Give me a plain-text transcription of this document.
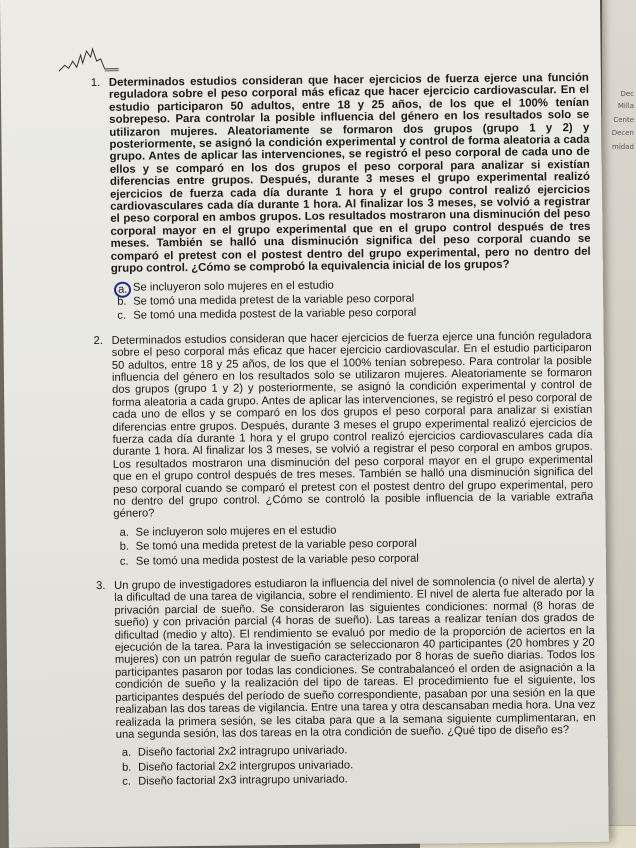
Dec
Milla
Cente
Decen
midad
1. Determinados estudios consideran que hacer ejercicios de fuerza ejerce una función reguladora sobre el peso corporal más eficaz que hacer ejercicio cardiovascular. En el estudio participaron 50 adultos, entre 18 y 25 años, de los que el 100% tenían sobrepeso. Para controlar la posible influencia del género en los resultados solo se utilizaron mujeres. Aleatoriamente se formaron dos grupos (grupo 1 y 2) y posteriormente, se asignó la condición experimental y control de forma aleatoria a cada grupo. Antes de aplicar las intervenciones, se registró el peso corporal de cada uno de ellos y se comparó en los dos grupos el peso corporal para analizar si existían diferencias entre grupos. Después, durante 3 meses el grupo experimental realizó ejercicios de fuerza cada día durante 1 hora y el grupo control realizó ejercicios cardiovasculares cada día durante 1 hora. Al finalizar los 3 meses, se volvió a registrar el peso corporal en ambos grupos. Los resultados mostraron una disminución del peso corporal mayor en el grupo experimental que en el grupo control después de tres meses. También se halló una disminución significa del peso corporal cuando se comparó el pretest con el postest dentro del grupo experimental, pero no dentro del grupo control. ¿Cómo se comprobó la equivalencia inicial de los grupos?

a. Se incluyeron solo mujeres en el estudio
b. Se tomó una medida pretest de la variable peso corporal
c. Se tomó una medida postest de la variable peso corporal
2. Determinados estudios consideran que hacer ejercicios de fuerza ejerce una función reguladora sobre el peso corporal más eficaz que hacer ejercicio cardiovascular. En el estudio participaron 50 adultos, entre 18 y 25 años, de los que el 100% tenían sobrepeso. Para controlar la posible influencia del género en los resultados solo se utilizaron mujeres. Aleatoriamente se formaron dos grupos (grupo 1 y 2) y posteriormente, se asignó la condición experimental y control de forma aleatoria a cada grupo. Antes de aplicar las intervenciones, se registró el peso corporal de cada uno de ellos y se comparó en los dos grupos el peso corporal para analizar si existían diferencias entre grupos. Después, durante 3 meses el grupo experimental realizó ejercicios de fuerza cada día durante 1 hora y el grupo control realizó ejercicios cardiovasculares cada día durante 1 hora. Al finalizar los 3 meses, se volvió a registrar el peso corporal en ambos grupos. Los resultados mostraron una disminución del peso corporal mayor en el grupo experimental que en el grupo control después de tres meses. También se halló una disminución significa del peso corporal cuando se comparó el pretest con el postest dentro del grupo experimental, pero no dentro del grupo control. ¿Cómo se controló la posible influencia de la variable extraña género?

a. Se incluyeron solo mujeres en el estudio
b. Se tomó una medida pretest de la variable peso corporal
c. Se tomó una medida postest de la variable peso corporal
3. Un grupo de investigadores estudiaron la influencia del nivel de somnolencia (o nivel de alerta) y la dificultad de una tarea de vigilancia, sobre el rendimiento. El nivel de alerta fue alterado por la privación parcial de sueño. Se consideraron las siguientes condiciones: normal (8 horas de sueño) y con privación parcial (4 horas de sueño). Las tareas a realizar tenían dos grados de dificultad (medio y alto). El rendimiento se evaluó por medio de la proporción de aciertos en la ejecución de la tarea. Para la investigación se seleccionaron 40 participantes (20 hombres y 20 mujeres) con un patrón regular de sueño caracterizado por 8 horas de sueño diarias. Todos los participantes pasaron por todas las condiciones. Se contrabalanceó el orden de asignación a la condición de sueño y la realización del tipo de tareas. El procedimiento fue el siguiente, los participantes después del período de sueño correspondiente, pasaban por una sesión en la que realizaban las dos tareas de vigilancia. Entre una tarea y otra descansaban media hora. Una vez realizada la primera sesión, se les citaba para que a la semana siguiente cumplimentaran, en una segunda sesión, las dos tareas en la otra condición de sueño. ¿Qué tipo de diseño es?

a. Diseño factorial 2x2 intragrupo univariado.
b. Diseño factorial 2x2 intergrupos univariado.
c. Diseño factorial 2x3 intragrupo univariado.
